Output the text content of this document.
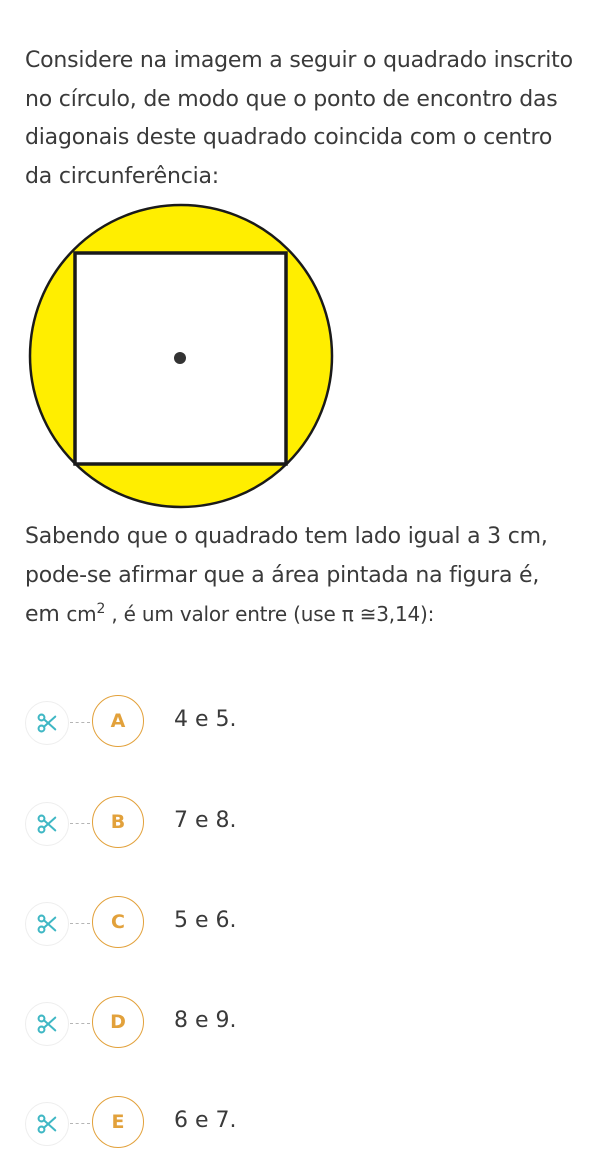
Considere na imagem a seguir o quadrado inscrito
no círculo, de modo que o ponto de encontro das
diagonais deste quadrado coincida com o centro
da circunferência:

Sabendo que o quadrado tem lado igual a 3 cm,
pode-se afirmar que a área pintada na figura é,
em $cm^2$ , é um valor entre (use π ≅3,14):
A	4 e 5.
B	7 e 8.
C	5 e 6.
D	8 e 9.
E	6 e 7.
